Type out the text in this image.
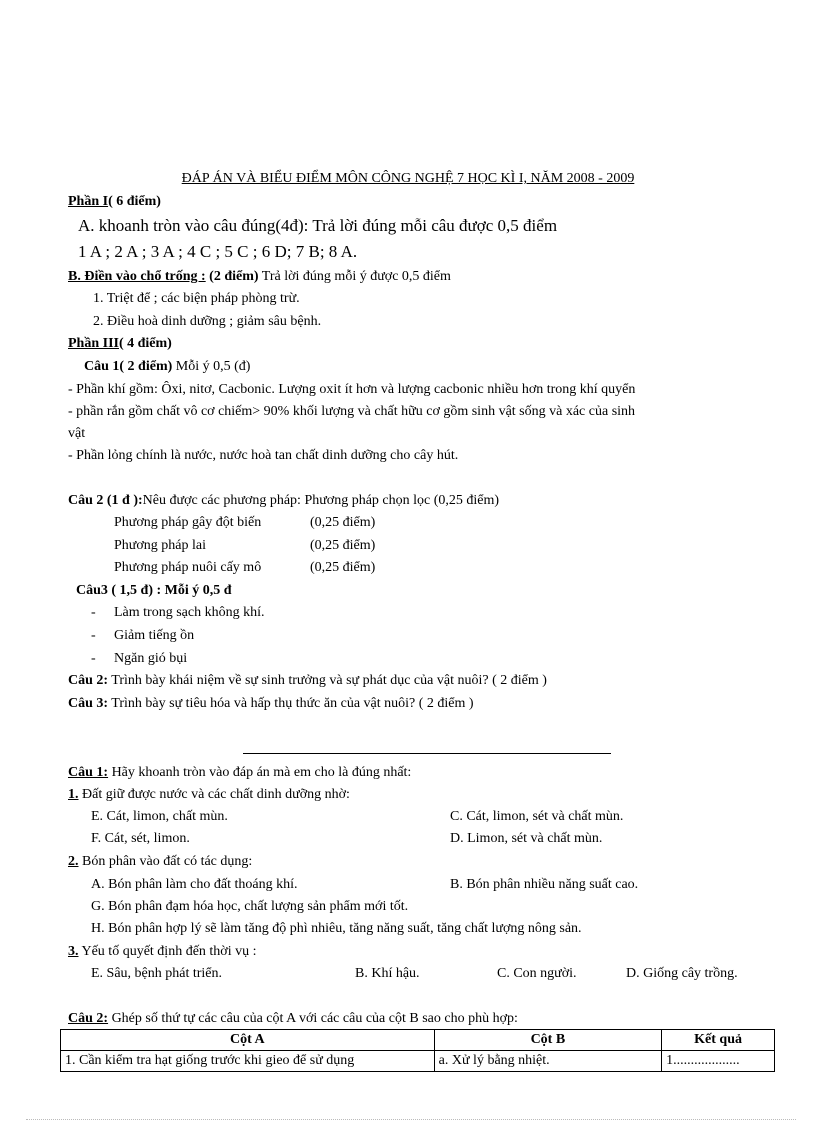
ĐÁP ÁN VÀ BIỂU ĐIỂM MÔN CÔNG NGHỆ 7 HỌC KÌ I, NĂM 2008 - 2009
Phần I( 6 điểm)
A. khoanh tròn vào câu đúng(4đ): Trả lời đúng mỗi câu được 0,5 điểm
1 A ; 2 A ; 3 A ; 4 C ; 5 C ; 6 D; 7 B; 8 A.
B. Điền vào chổ trống : (2 điểm) Trả lời đúng mỗi ý được 0,5 điểm
1. Triệt để ; các biện pháp phòng trừ.
2. Điều hoà dinh dưỡng ; giảm sâu bệnh.
Phần III( 4 điểm)
Câu 1( 2 điểm) Mỗi ý 0,5 (đ)
- Phần khí gồm: Ôxi, nitơ, Cacbonic. Lượng oxit ít hơn và lượng cacbonic nhiều hơn trong khí quyển
- phần rắn gồm chất vô cơ chiếm> 90% khối lượng và chất hữu cơ gồm sinh vật sống và xác của sinh
vật
- Phần lỏng chính là nước, nước hoà tan chất dinh dưỡng cho cây hút.
Câu 2 (1 đ ):Nêu được các phương pháp: Phương pháp chọn lọc (0,25 điểm)
Phương pháp gây đột biến	(0,25 điểm)
Phương pháp lai	(0,25 điểm)
Phương pháp nuôi cấy mô	(0,25 điểm)
Câu3 ( 1,5 đ) : Mỗi ý 0,5 đ
- Làm trong sạch không khí.
- Giảm tiếng ồn
- Ngăn gió bụi
Câu 2: Trình bày khái niệm về sự sinh trưởng và sự phát dục của vật nuôi? ( 2 điểm )
Câu 3: Trình bày sự tiêu hóa và hấp thụ thức ăn của vật nuôi? ( 2 điểm )
Câu 1: Hãy khoanh tròn vào đáp án mà em cho là đúng nhất:
1. Đất giữ được nước và các chất dinh dưỡng nhờ:
E. Cát, limon, chất mùn.	C. Cát, limon, sét và chất mùn.
F. Cát, sét, limon.	D. Limon, sét và chất mùn.
2. Bón phân vào đất có tác dụng:
A. Bón phân làm cho đất thoáng khí.	B. Bón phân nhiều năng suất cao.
G. Bón phân đạm hóa học, chất lượng sản phẩm mới tốt.
H. Bón phân hợp lý sẽ làm tăng độ phì nhiêu, tăng năng suất, tăng chất lượng nông sản.
3. Yếu tố quyết định đến thời vụ :
E. Sâu, bệnh phát triển.	B. Khí hậu.	C. Con người.	D. Giống cây trồng.
Câu 2: Ghép số thứ tự các câu của cột A với các câu của cột B sao cho phù hợp:
Cột A	Cột B	Kết quả
1. Cần kiểm tra hạt giống trước khi gieo để sử dụng	a. Xử lý bằng nhiệt.	1...................
